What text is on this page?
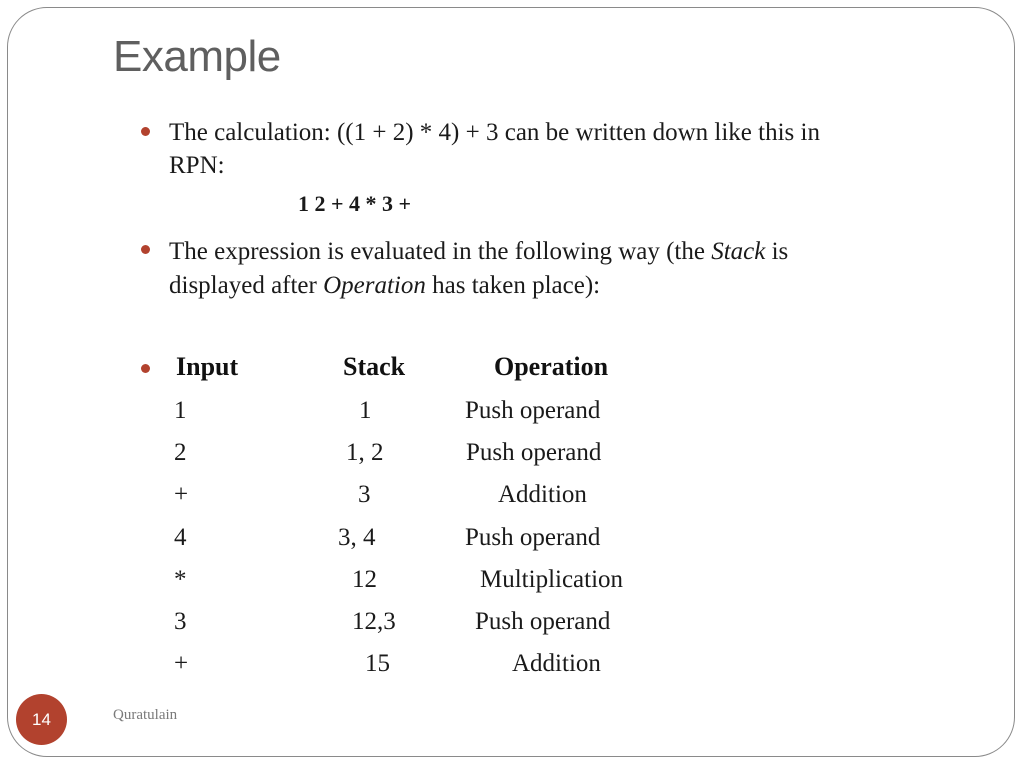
Example
The calculation: ((1 + 2) * 4) + 3 can be written down like this in
RPN:
1 2 + 4 * 3 +
The expression is evaluated in the following way (the Stack is
displayed after Operation has taken place):
Input	Stack	Operation
1	1	Push operand
2	1, 2	Push operand
+	3	Addition
4	3, 4	Push operand
*	12	Multiplication
3	12,3	Push operand
+	15	Addition
Quratulain
14
